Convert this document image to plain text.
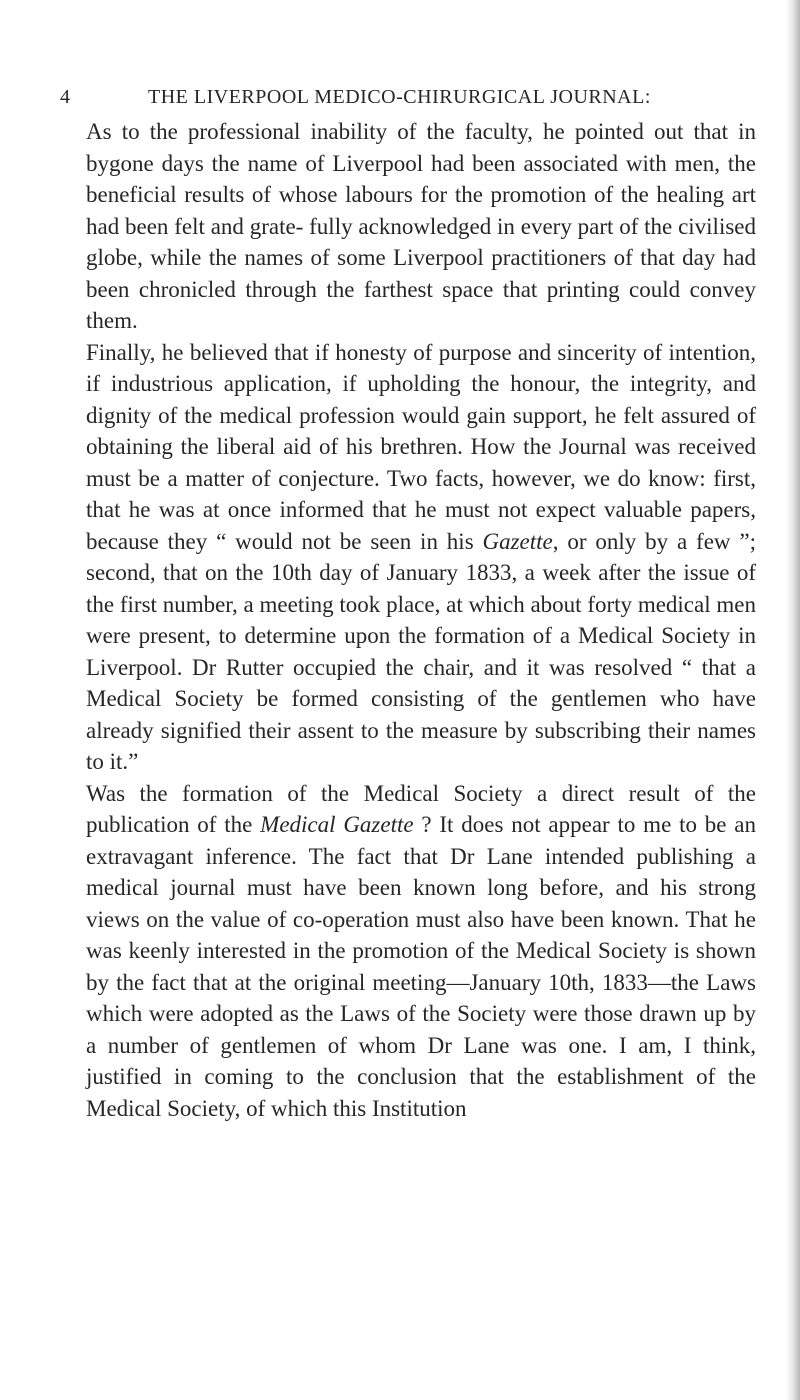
4	THE LIVERPOOL MEDICO-CHIRURGICAL JOURNAL:

As to the professional inability of the faculty, he pointed out that in bygone days the name of Liverpool had been associated with men, the beneficial results of whose labours for the promotion of the healing art had been felt and grate- fully acknowledged in every part of the civilised globe, while the names of some Liverpool practitioners of that day had been chronicled through the farthest space that printing could convey them.

Finally, he believed that if honesty of purpose and sincerity of intention, if industrious application, if upholding the honour, the integrity, and dignity of the medical profession would gain support, he felt assured of obtaining the liberal aid of his brethren. How the Journal was received must be a matter of conjecture. Two facts, however, we do know: first, that he was at once informed that he must not expect valuable papers, because they “ would not be seen in his Gazette, or only by a few ”; second, that on the 10th day of January 1833, a week after the issue of the first number, a meeting took place, at which about forty medical men were present, to determine upon the formation of a Medical Society in Liverpool. Dr Rutter occupied the chair, and it was resolved “ that a Medical Society be formed consisting of the gentlemen who have already signified their assent to the measure by subscribing their names to it.”

Was the formation of the Medical Society a direct result of the publication of the Medical Gazette ? It does not appear to me to be an extravagant inference. The fact that Dr Lane intended publishing a medical journal must have been known long before, and his strong views on the value of co-operation must also have been known. That he was keenly interested in the promotion of the Medical Society is shown by the fact that at the original meeting—January 10th, 1833—the Laws which were adopted as the Laws of the Society were those drawn up by a number of gentlemen of whom Dr Lane was one. I am, I think, justified in coming to the conclusion that the establishment of the Medical Society, of which this Institution
